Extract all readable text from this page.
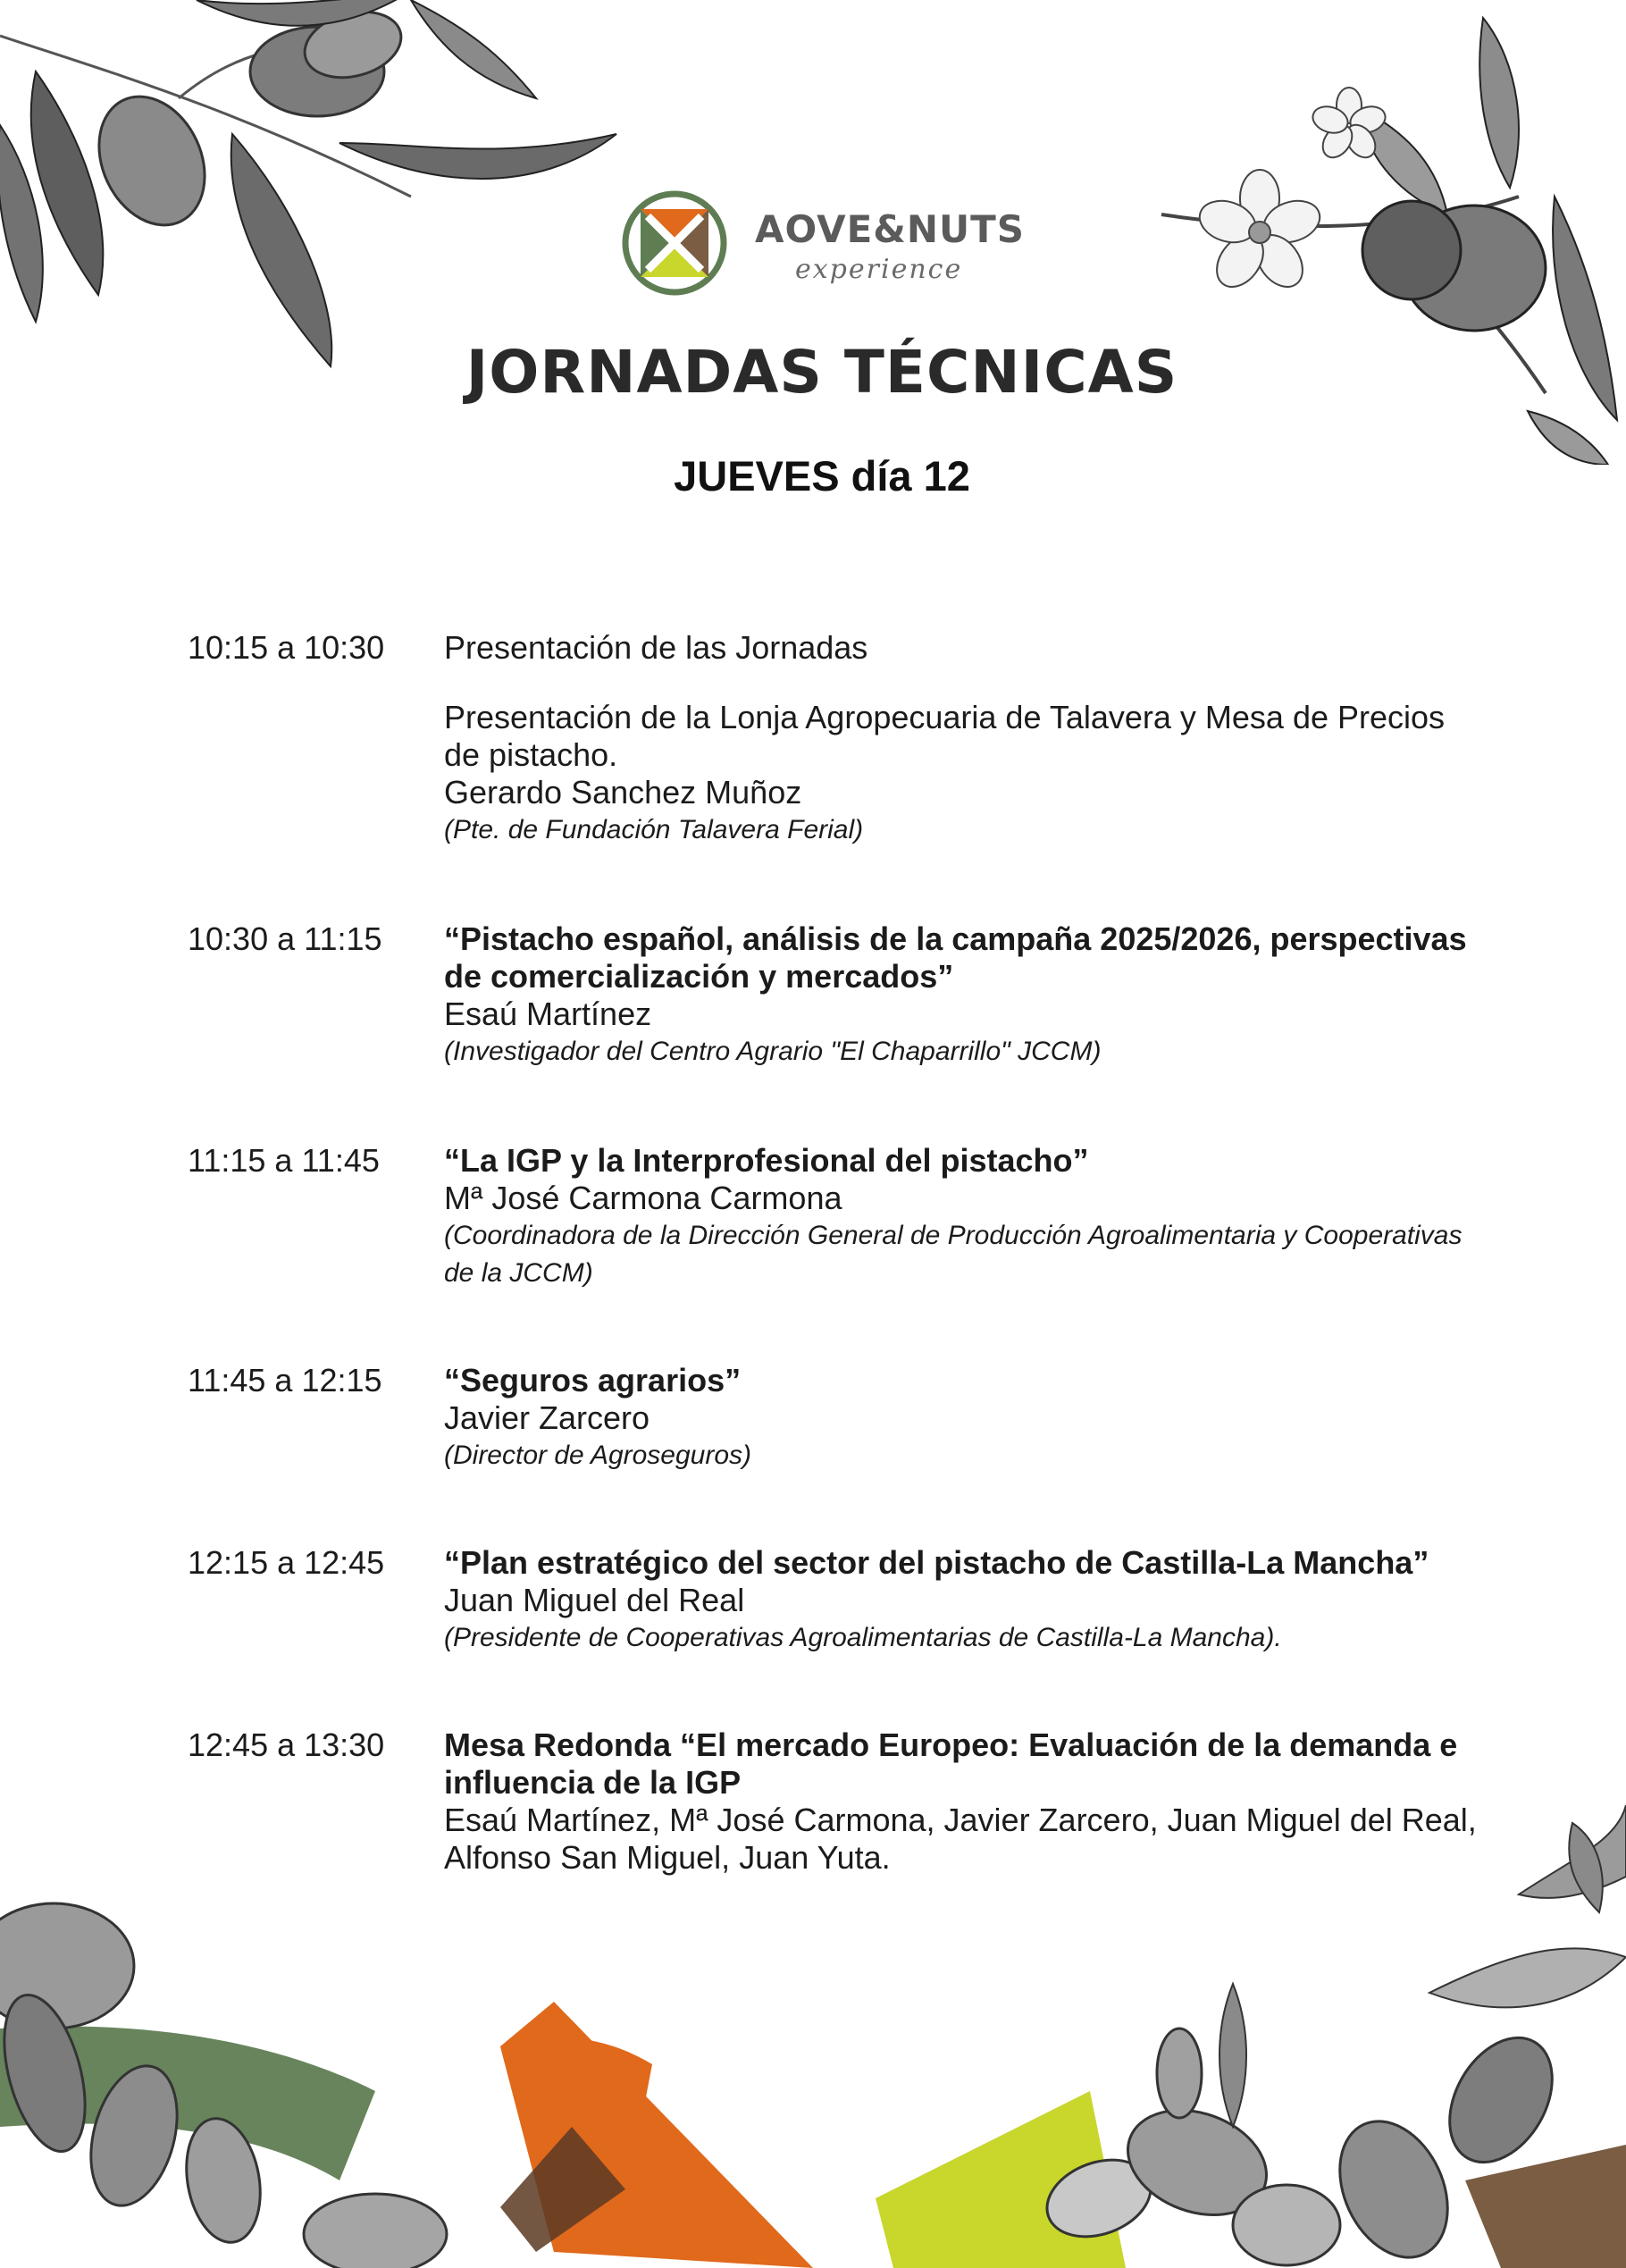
AOVE&NUTS
experience
JORNADAS TÉCNICAS
JUEVES día 12
10:15 a 10:30 Presentación de las Jornadas
Presentación de la Lonja Agropecuaria de Talavera y Mesa de Precios de pistacho.
Gerardo Sanchez Muñoz
(Pte. de Fundación Talavera Ferial)
10:30 a 11:15 “Pistacho español, análisis de la campaña 2025/2026, perspectivas de comercialización y mercados”
Esaú Martínez
(Investigador del Centro Agrario "El Chaparrillo" JCCM)
11:15 a 11:45 “La IGP y la Interprofesional del pistacho”
Mª José Carmona Carmona
(Coordinadora de la Dirección General de Producción Agroalimentaria y Cooperativas de la JCCM)
11:45 a 12:15 “Seguros agrarios”
Javier Zarcero
(Director de Agroseguros)
12:15 a 12:45 “Plan estratégico del sector del pistacho de Castilla-La Mancha”
Juan Miguel del Real
(Presidente de Cooperativas Agroalimentarias de Castilla-La Mancha).
12:45 a 13:30 Mesa Redonda “El mercado Europeo: Evaluación de la demanda e influencia de la IGP
Esaú Martínez, Mª José Carmona, Javier Zarcero, Juan Miguel del Real, Alfonso San Miguel, Juan Yuta.
